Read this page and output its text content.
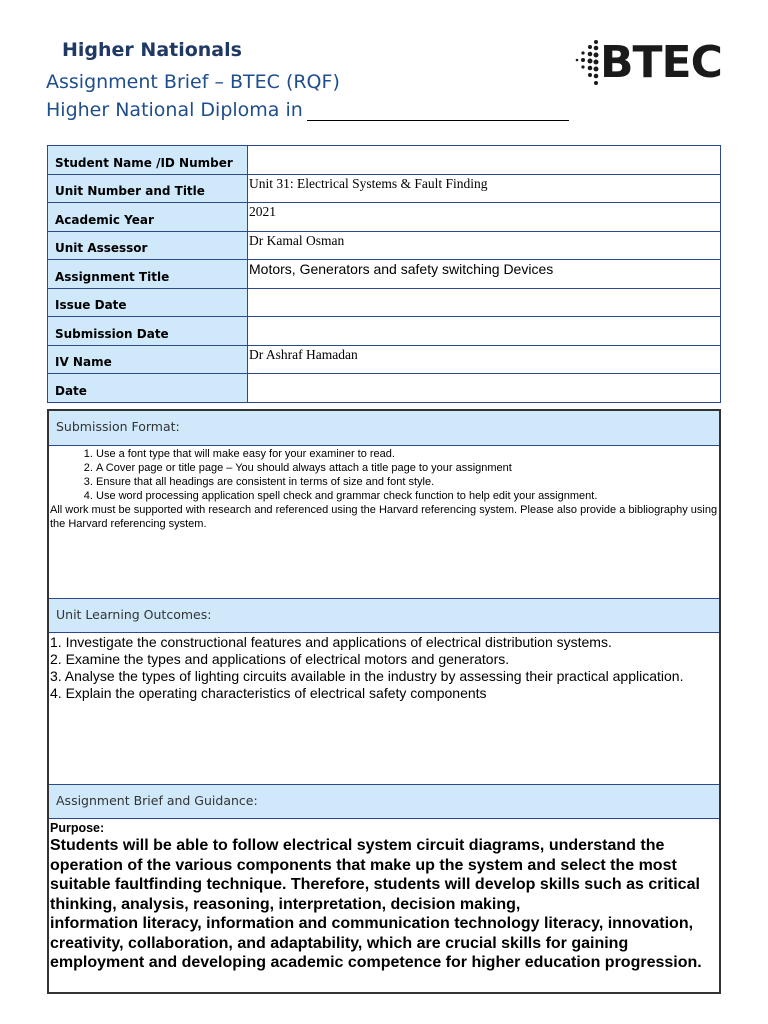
Higher Nationals
Assignment Brief – BTEC (RQF)
Higher National Diploma in
BTEC
Student Name /ID Number	
Unit Number and Title	Unit 31: Electrical Systems & Fault Finding
Academic Year	2021
Unit Assessor	Dr Kamal Osman
Assignment Title	Motors, Generators and safety switching Devices
Issue Date	
Submission Date	
IV Name	Dr Ashraf Hamadan
Date	
Submission Format:
1. Use a font type that will make easy for your examiner to read.
2. A Cover page or title page – You should always attach a title page to your assignment
3. Ensure that all headings are consistent in terms of size and font style.
4. Use word processing application spell check and grammar check function to help edit your assignment.

All work must be supported with research and referenced using the Harvard referencing system. Please also provide a bibliography using the Harvard referencing system.

Unit Learning Outcomes:

1. Investigate the constructional features and applications of electrical distribution systems.

2. Examine the types and applications of electrical motors and generators.

3. Analyse the types of lighting circuits available in the industry by assessing their practical application.

4. Explain the operating characteristics of electrical safety components

Assignment Brief and Guidance:

Purpose:

Students will be able to follow electrical system circuit diagrams, understand the operation of the various components that make up the system and select the most suitable faultfinding technique. Therefore, students will develop skills such as critical thinking, analysis, reasoning, interpretation, decision making,

information literacy, information and communication technology literacy, innovation, creativity, collaboration, and adaptability, which are crucial skills for gaining employment and developing academic competence for higher education progression.
